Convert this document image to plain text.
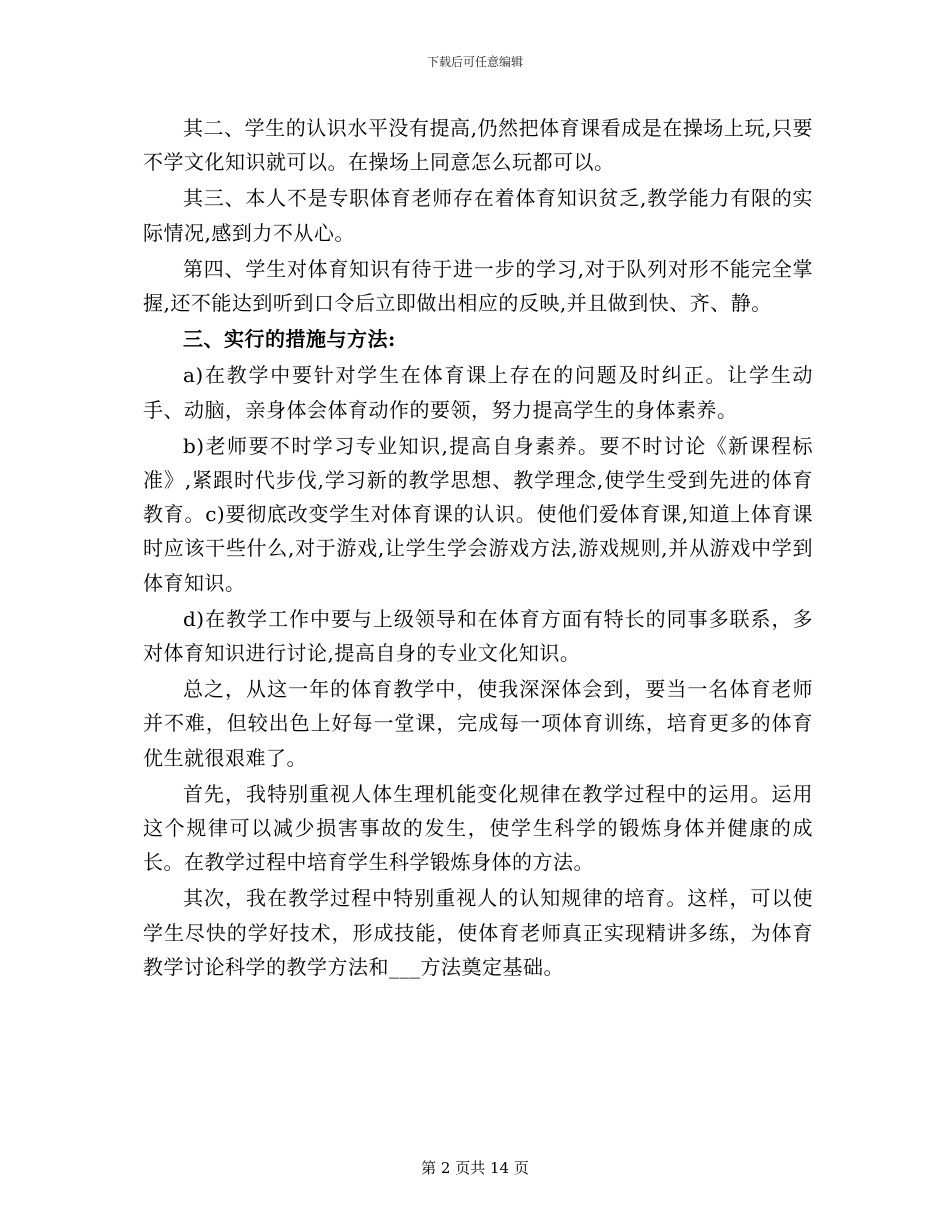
下载后可任意编辑

其二、学生的认识水平没有提高,仍然把体育课看成是在操场上玩,只要不学文化知识就可以。在操场上同意怎么玩都可以。

其三、本人不是专职体育老师存在着体育知识贫乏,教学能力有限的实际情况,感到力不从心。

第四、学生对体育知识有待于进一步的学习,对于队列对形不能完全掌握,还不能达到听到口令后立即做出相应的反映,并且做到快、齐、静。

三、实行的措施与方法:

a)在教学中要针对学生在体育课上存在的问题及时纠正。让学生动手、动脑，亲身体会体育动作的要领，努力提高学生的身体素养。

b)老师要不时学习专业知识,提高自身素养。要不时讨论《新课程标准》,紧跟时代步伐,学习新的教学思想、教学理念,使学生受到先进的体育教育。c)要彻底改变学生对体育课的认识。使他们爱体育课,知道上体育课时应该干些什么,对于游戏,让学生学会游戏方法,游戏规则,并从游戏中学到体育知识。

d)在教学工作中要与上级领导和在体育方面有特长的同事多联系，多对体育知识进行讨论,提高自身的专业文化知识。

总之，从这一年的体育教学中，使我深深体会到，要当一名体育老师并不难，但较出色上好每一堂课，完成每一项体育训练，培育更多的体育优生就很艰难了。

首先，我特别重视人体生理机能变化规律在教学过程中的运用。运用这个规律可以减少损害事故的发生，使学生科学的锻炼身体并健康的成长。在教学过程中培育学生科学锻炼身体的方法。

其次，我在教学过程中特别重视人的认知规律的培育。这样，可以使学生尽快的学好技术，形成技能，使体育老师真正实现精讲多练，为体育教学讨论科学的教学方法和___方法奠定基础。

第 2 页共 14 页
